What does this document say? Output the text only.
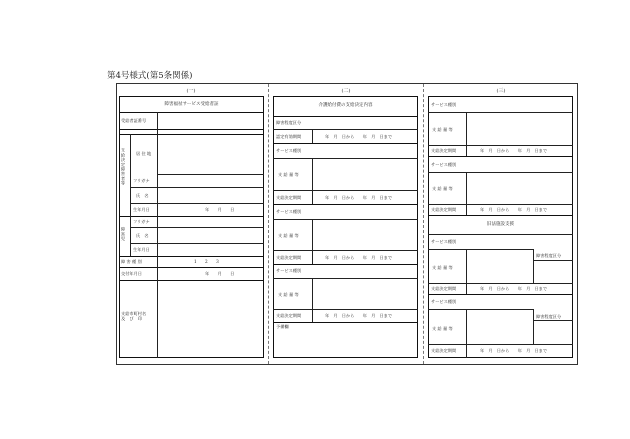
第4号様式(第5条関係)
(一)	(二)	(三)
障害福祉サービス受給者証
受給者証番号
支給決定障害者等 居 住 地
フリガナ
氏　名
生年月日	年　　月　　日
障害児
フリガナ
氏　名
生年月日
障 害 種 別	1　　2　　3
交付年月日	年　　月　　日
支給市町村名
及　び　印
介護給付費の支給決定内容
障害程度区分
認定有効期間	年　月　日から　　年　月　日まで
サービス種別
支 給 量 等
支給決定期間	年　月　日から　　年　月　日まで
サービス種別
支 給 量 等
支給決定期間	年　月　日から　　年　月　日まで
サービス種別
支 給 量 等
支給決定期間	年　月　日から　　年　月　日まで
予備欄
サービス種別
支 給 量 等
支給決定期間	年　月　日から　　年　月　日まで
サービス種別
支 給 量 等
支給決定期間	年　月　日から　　年　月　日まで
旧法施設支援
サービス種別
障害程度区分
支 給 量 等
支給決定期間	年　月　日から　　年　月　日まで
サービス種別
障害程度区分
支 給 量 等
支給決定期間	年　月　日から　　年　月　日まで
